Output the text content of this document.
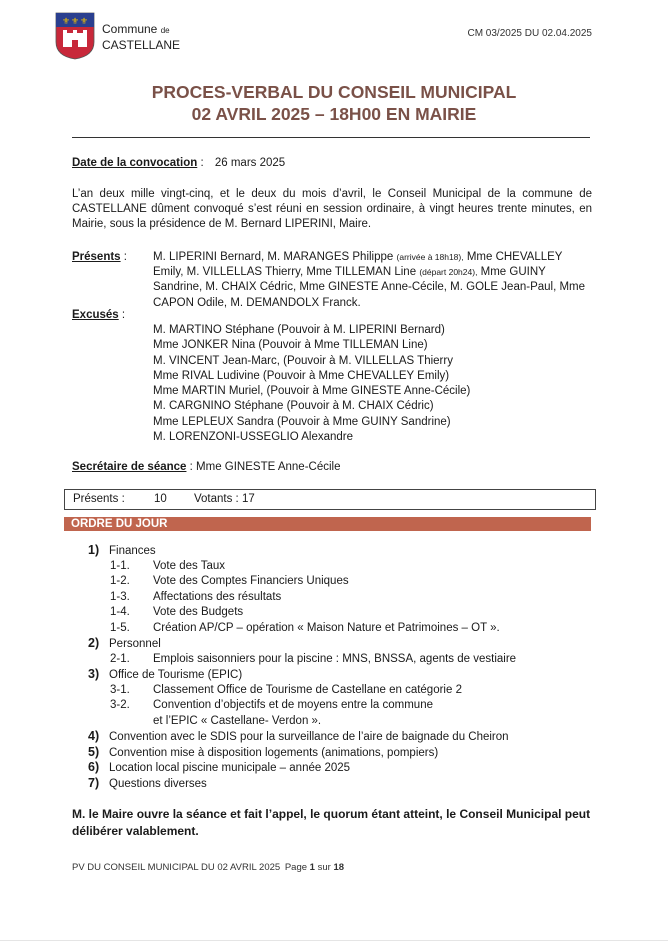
⚜ ⚜ ⚜ Commune de
CASTELLANE
CM 03/2025 DU 02.04.2025
PROCES-VERBAL DU CONSEIL MUNICIPAL
02 AVRIL 2025 – 18H00 EN MAIRIE
Date de la convocation : 26 mars 2025
L’an deux mille vingt-cinq, et le deux du mois d’avril, le Conseil Municipal de la commune de CASTELLANE dûment convoqué s’est réuni en session ordinaire, à vingt heures trente minutes, en Mairie, sous la présidence de M. Bernard LIPERINI, Maire.
Présents : M. LIPERINI Bernard, M. MARANGES Philippe (arrivée à 18h18), Mme CHEVALLEY Emily, M. VILLELLAS Thierry, Mme TILLEMAN Line (départ 20h24), Mme GUINY Sandrine, M. CHAIX Cédric, Mme GINESTE Anne-Cécile, M. GOLE Jean-Paul, Mme CAPON Odile, M. DEMANDOLX Franck.
Excusés :
M. MARTINO Stéphane (Pouvoir à M. LIPERINI Bernard)
Mme JONKER Nina (Pouvoir à Mme TILLEMAN Line)
M. VINCENT Jean-Marc, (Pouvoir à M. VILLELLAS Thierry
Mme RIVAL Ludivine (Pouvoir à Mme CHEVALLEY Emily)
Mme MARTIN Muriel, (Pouvoir à Mme GINESTE Anne-Cécile)
M. CARGNINO Stéphane (Pouvoir à M. CHAIX Cédric)
Mme LEPLEUX Sandra (Pouvoir à Mme GUINY Sandrine)
M. LORENZONI-USSEGLIO Alexandre
Secrétaire de séance : Mme GINESTE Anne-Cécile
Présents :	10 Votants : 17
ORDRE DU JOUR
1) Finances
1-1. Vote des Taux
1-2. Vote des Comptes Financiers Uniques
1-3. Affectations des résultats
1-4. Vote des Budgets
1-5. Création AP/CP – opération « Maison Nature et Patrimoines – OT ».
2) Personnel
2-1. Emplois saisonniers pour la piscine : MNS, BNSSA, agents de vestiaire
3) Office de Tourisme (EPIC)
3-1. Classement Office de Tourisme de Castellane en catégorie 2
3-2. Convention d’objectifs et de moyens entre la commune
et l’EPIC « Castellane- Verdon ».
4) Convention avec le SDIS pour la surveillance de l’aire de baignade du Cheiron
5) Convention mise à disposition logements (animations, pompiers)
6) Location local piscine municipale – année 2025
7) Questions diverses
M. le Maire ouvre la séance et fait l’appel, le quorum étant atteint, le Conseil Municipal peut délibérer valablement.
PV DU CONSEIL MUNICIPAL DU 02 AVRIL 2025 Page 1 sur 18
